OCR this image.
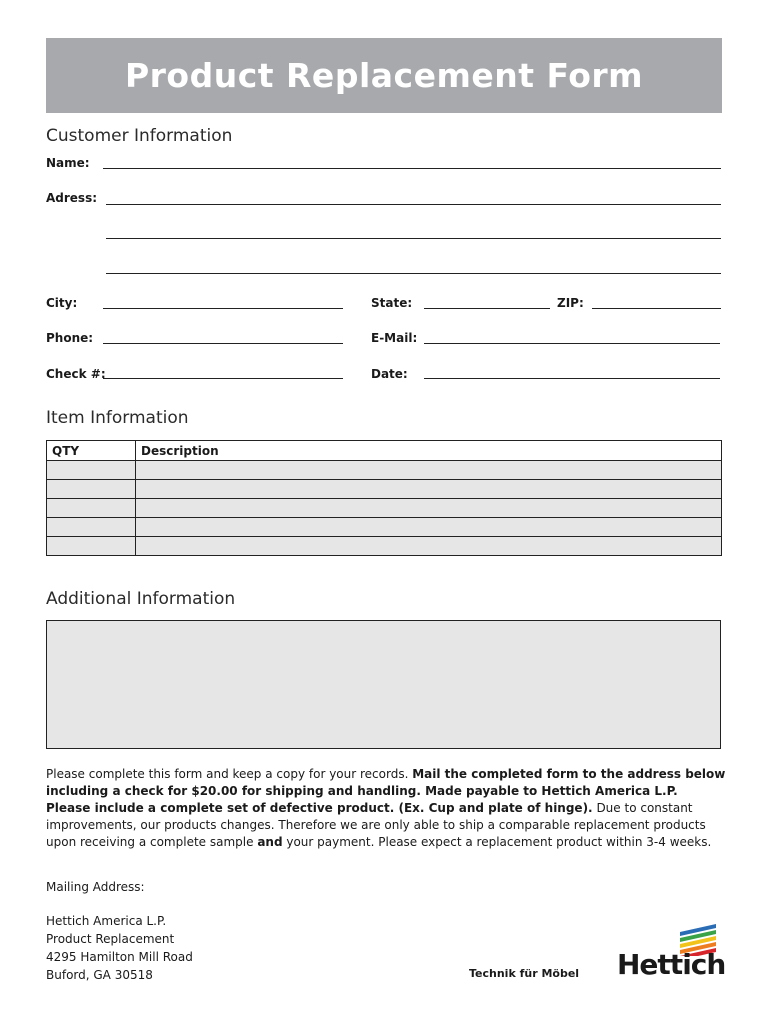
Product Replacement Form
Customer Information
Name:
Adress:
City:	State:	ZIP:
Phone:	E-Mail:
Check #:	Date:
Item Information
QTY	Description

Additional Information
Please complete this form and keep a copy for your records. Mail the completed form to the address below including a check for $20.00 for shipping and handling. Made payable to Hettich America L.P.
Please include a complete set of defective product. (Ex. Cup and plate of hinge). Due to constant
improvements, our products changes. Therefore we are only able to ship a comparable replacement products
upon receiving a complete sample and your payment. Please expect a replacement product within 3-4 weeks.
Mailing Address:
Hettich America L.P.
Product Replacement
4295 Hamilton Mill Road
Buford, GA 30518	Technik für Möbel Hettich
